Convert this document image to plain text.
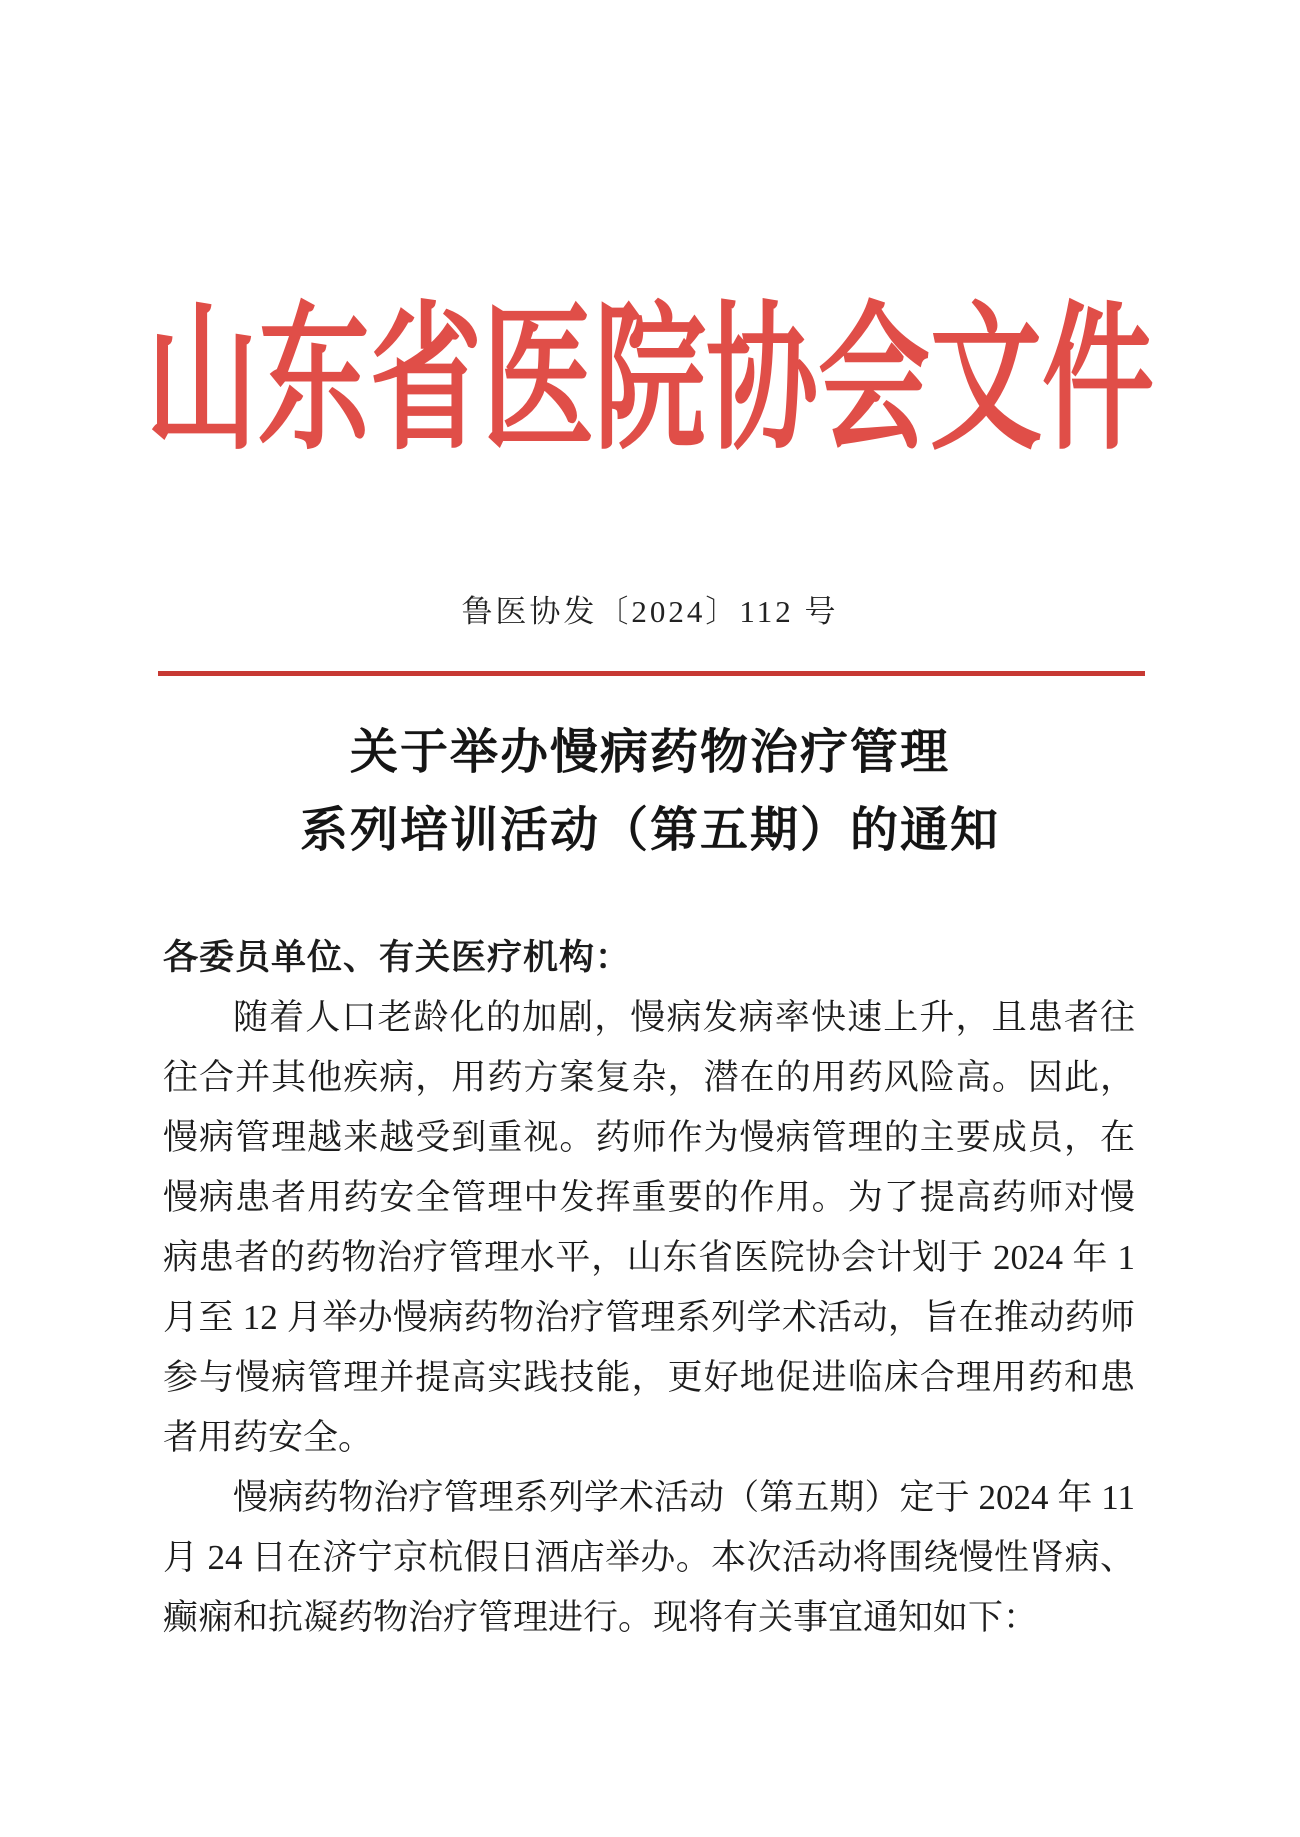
山东省医院协会文件
鲁医协发〔2024〕112 号
关于举办慢病药物治疗管理
系列培训活动（第五期）的通知
各委员单位、有关医疗机构：
随着人口老龄化的加剧，慢病发病率快速上升，且患者往
往合并其他疾病，用药方案复杂，潜在的用药风险高。因此，
慢病管理越来越受到重视。药师作为慢病管理的主要成员，在
慢病患者用药安全管理中发挥重要的作用。为了提高药师对慢
病患者的药物治疗管理水平，山东省医院协会计划于 2024 年 1
月至 12 月举办慢病药物治疗管理系列学术活动，旨在推动药师
参与慢病管理并提高实践技能，更好地促进临床合理用药和患
者用药安全。
慢病药物治疗管理系列学术活动（第五期）定于 2024 年 11
月 24 日在济宁京杭假日酒店举办。本次活动将围绕慢性肾病、
癫痫和抗凝药物治疗管理进行。现将有关事宜通知如下：
